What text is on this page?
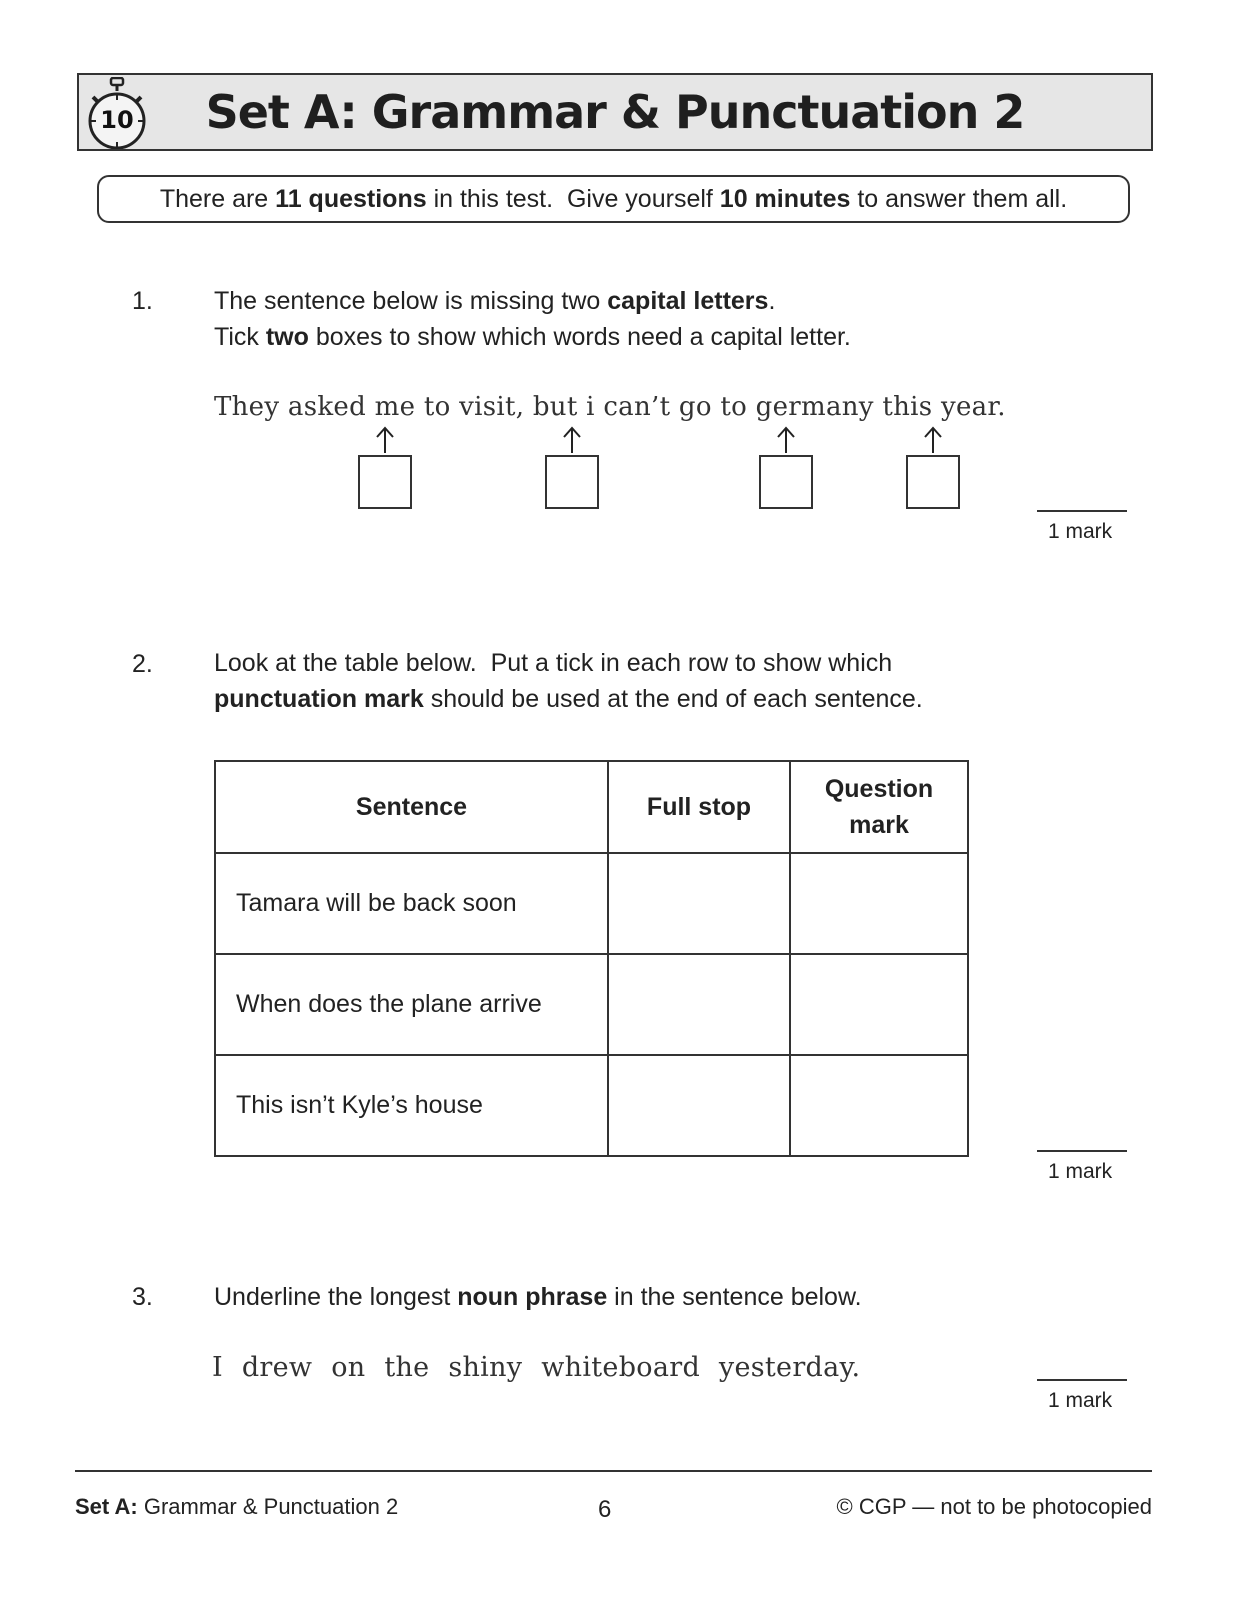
10	Set A: Grammar & Punctuation 2
There are 11 questions in this test.  Give yourself 10 minutes to answer them all.
1. The sentence below is missing two capital letters.
Tick two boxes to show which words need a capital letter.
They asked me to visit, but i can’t go to germany this year.
1 mark
2. Look at the table below.  Put a tick in each row to show which
punctuation mark should be used at the end of each sentence.
Sentence	Full stop	Question mark
Tamara will be back soon		
When does the plane arrive		
This isn’t Kyle’s house		
1 mark
3. Underline the longest noun phrase in the sentence below.
I drew on the shiny whiteboard yesterday.
1 mark
Set A: Grammar & Punctuation 2	6	© CGP — not to be photocopied
